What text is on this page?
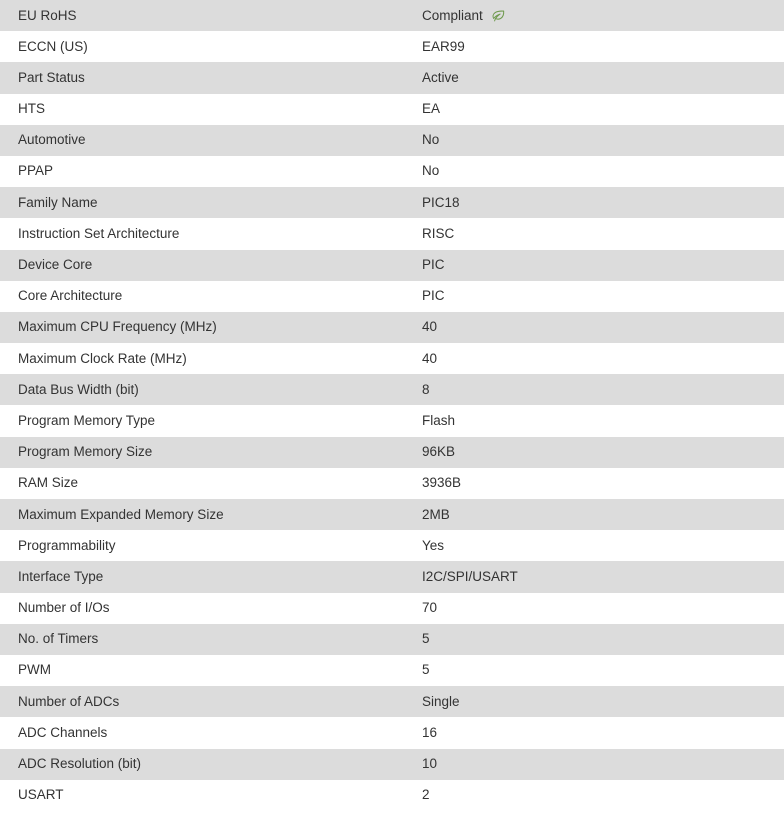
EU RoHS	Compliant

ECCN (US)	EAR99

Part Status	Active

HTS	EA

Automotive	No

PPAP	No

Family Name	PIC18

Instruction Set Architecture	RISC

Device Core	PIC

Core Architecture	PIC

Maximum CPU Frequency (MHz)	40

Maximum Clock Rate (MHz)	40

Data Bus Width (bit)	8

Program Memory Type	Flash

Program Memory Size	96KB

RAM Size	3936B

Maximum Expanded Memory Size	2MB

Programmability	Yes

Interface Type	I2C/SPI/USART

Number of I/Os	70

No. of Timers	5

PWM	5

Number of ADCs	Single

ADC Channels	16

ADC Resolution (bit)	10

USART	2
